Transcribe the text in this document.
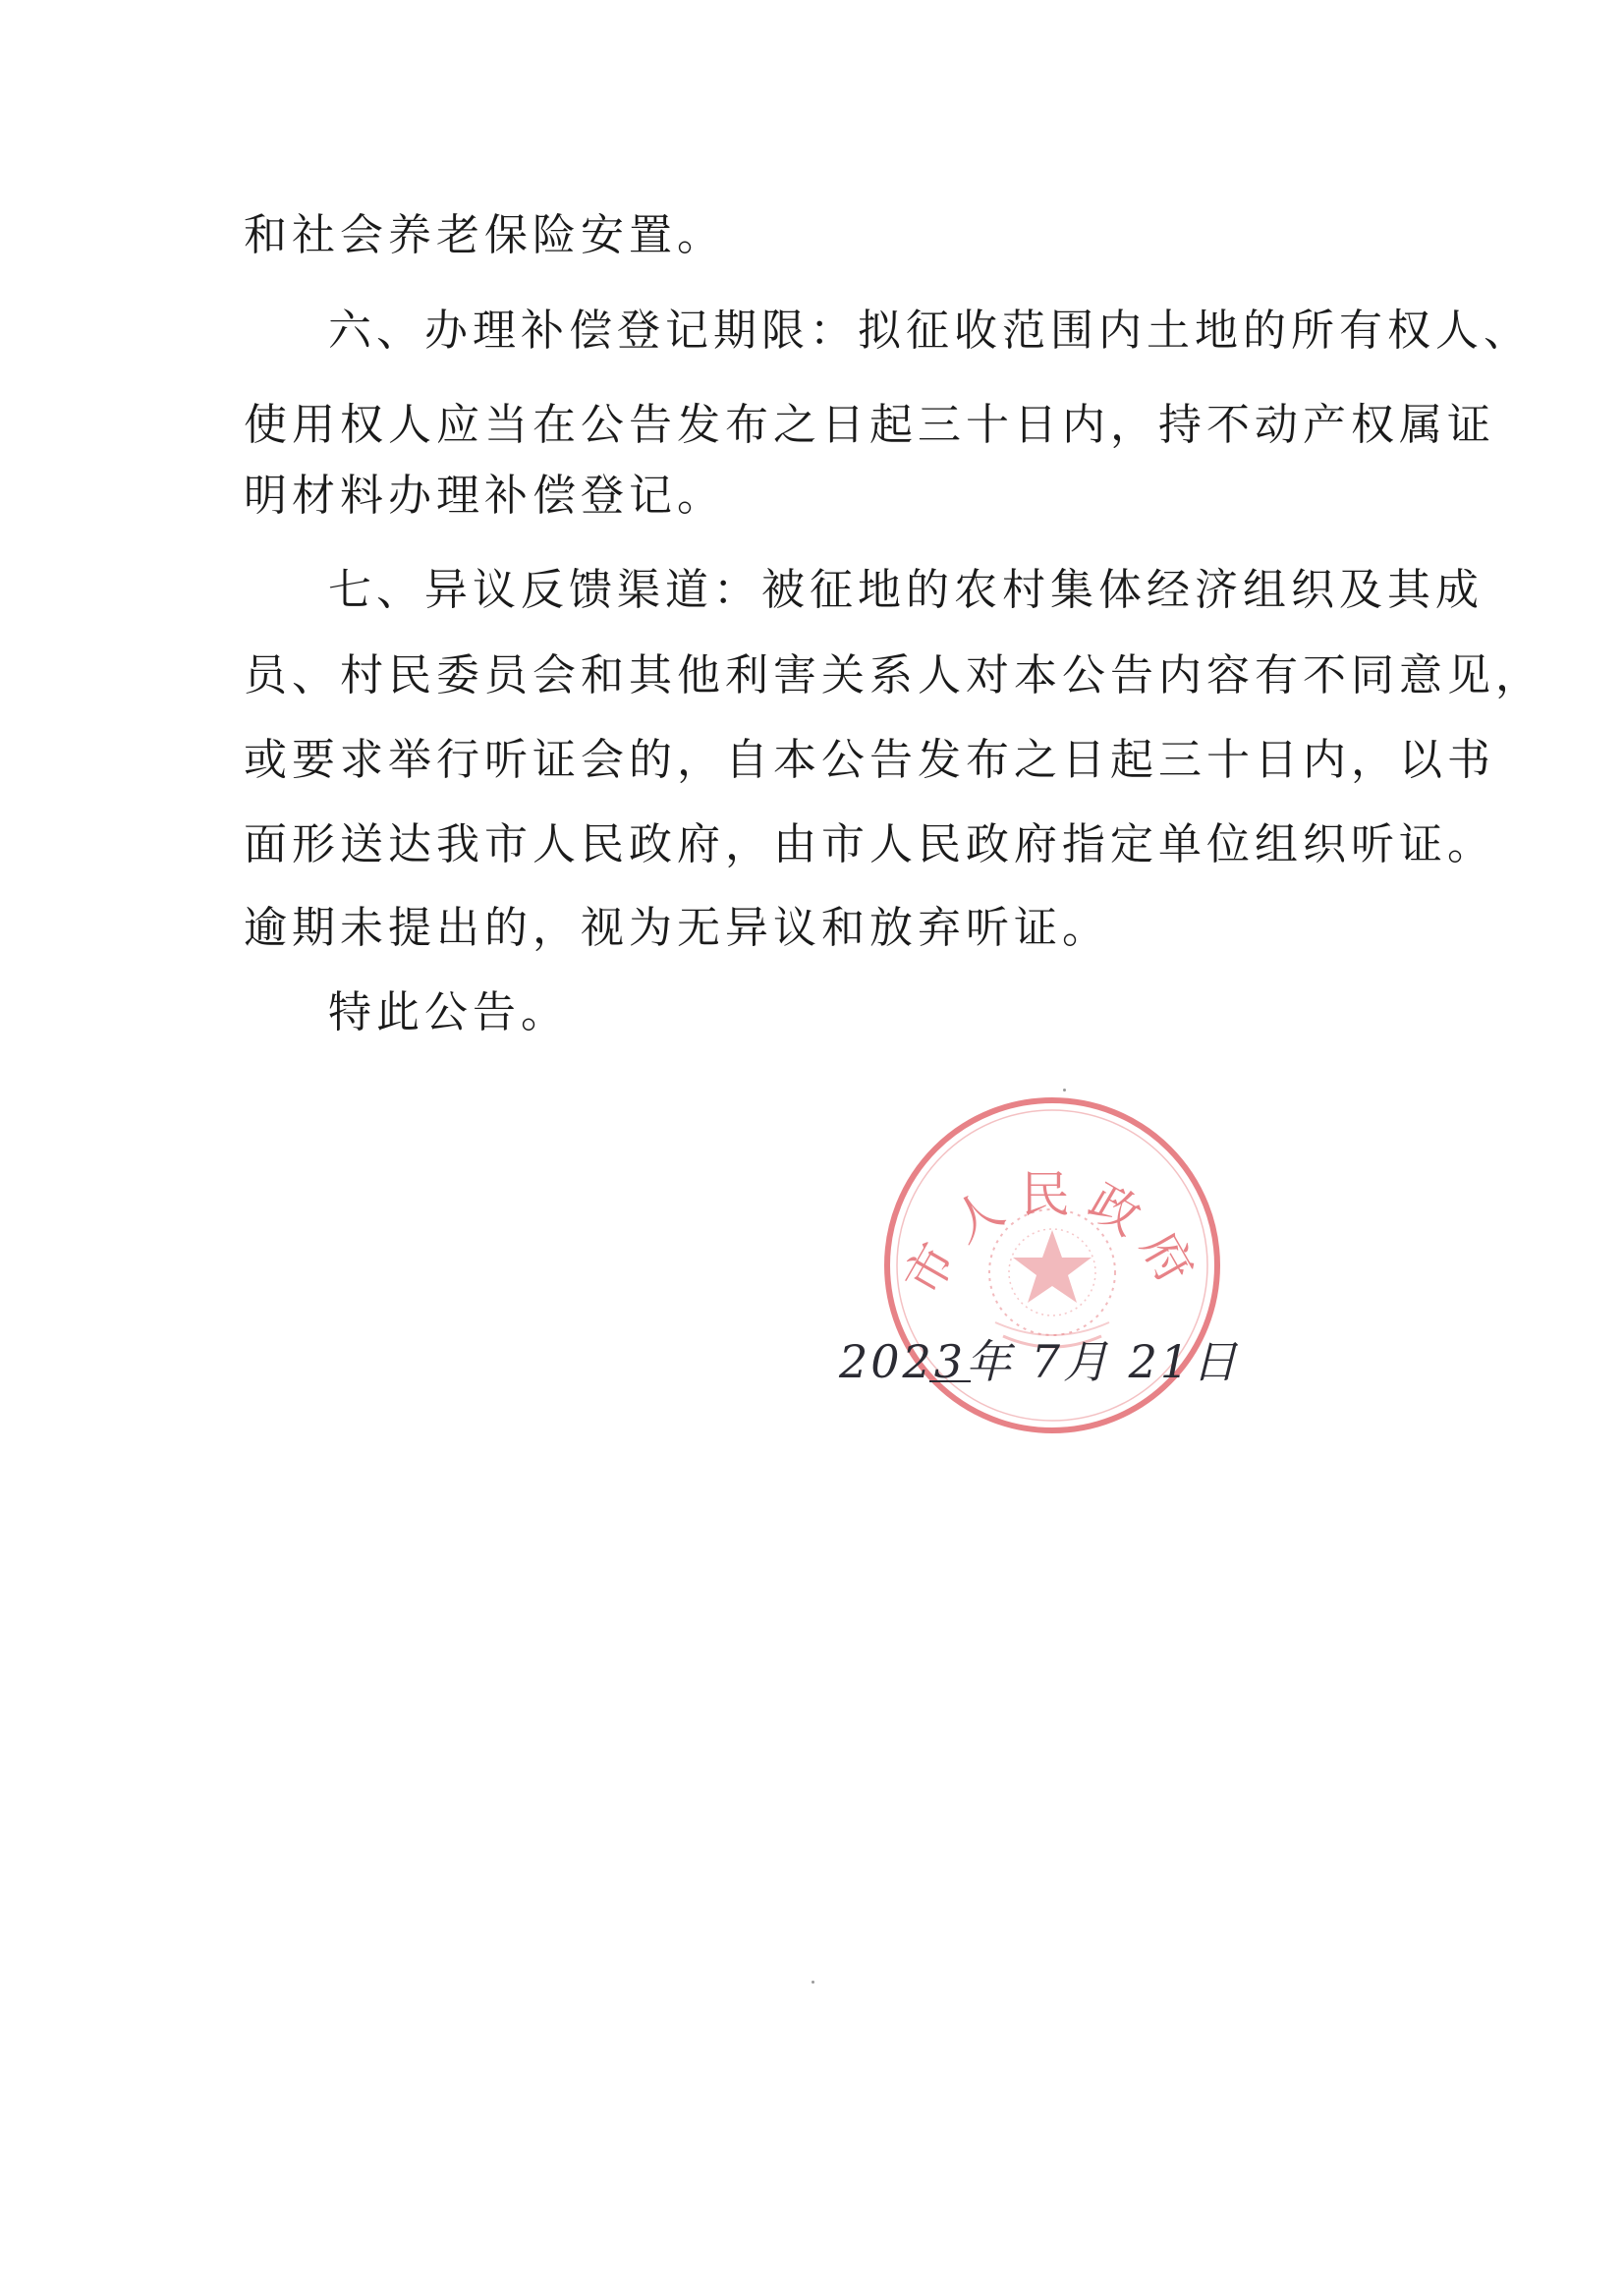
和社会养老保险安置。

六、办理补偿登记期限：拟征收范围内土地的所有权人、

使用权人应当在公告发布之日起三十日内，持不动产权属证

明材料办理补偿登记。

七、异议反馈渠道：被征地的农村集体经济组织及其成

员、村民委员会和其他利害关系人对本公告内容有不同意见，

或要求举行听证会的，自本公告发布之日起三十日内，以书

面形送达我市人民政府，由市人民政府指定单位组织听证。

逾期未提出的，视为无异议和放弃听证。

特此公告。

市人民政府
2023年 7月 21日
